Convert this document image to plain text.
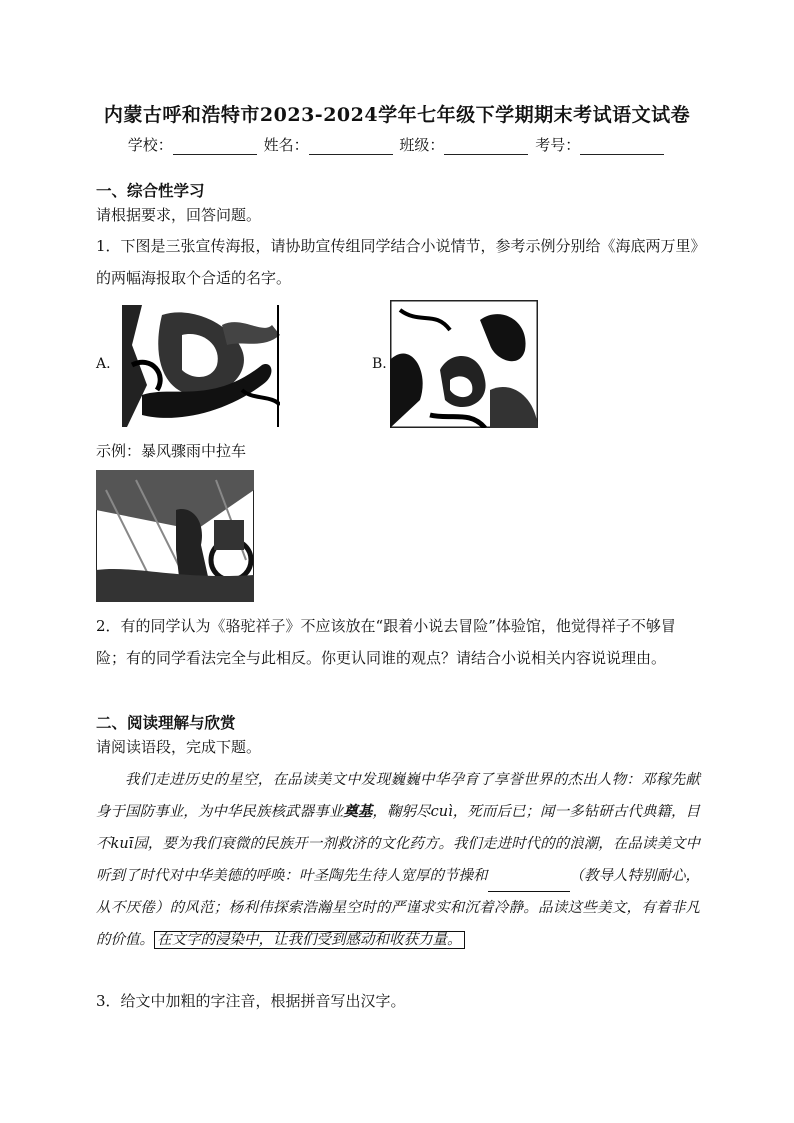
内蒙古呼和浩特市2023-2024学年七年级下学期期末考试语文试卷
学校：	姓名：	班级：	考号：
一、综合性学习
请根据要求，回答问题。
1．下图是三张宣传海报，请协助宣传组同学结合小说情节，参考示例分别给《海底两万里》的两幅海报取个合适的名字。
A.	B.
示例：暴风骤雨中拉车
2．有的同学认为《骆驼祥子》不应该放在“跟着小说去冒险”体验馆，他觉得祥子不够冒险；有的同学看法完全与此相反。你更认同谁的观点？请结合小说相关内容说说理由。
二、阅读理解与欣赏
请阅读语段，完成下题。

我们走进历史的星空，在品读美文中发现巍巍中华孕育了享誉世界的杰出人物：邓稼先献身于国防事业，为中华民族核武器事业奠基，鞠躬尽cuì，死而后已；闻一多钻研古代典籍，目不kuī园，要为我们衰微的民族开一剂救济的文化药方。我们走进时代的的浪潮，在品读美文中听到了时代对中华美德的呼唤：叶圣陶先生待人宽厚的节操和	（教导人特别耐心，从不厌倦）的风范；杨利伟探索浩瀚星空时的严谨求实和沉着冷静。品读这些美文，有着非凡的价值。 在文字的浸染中，让我们受到感动和收获力量。

3．给文中加粗的字注音，根据拼音写出汉字。
